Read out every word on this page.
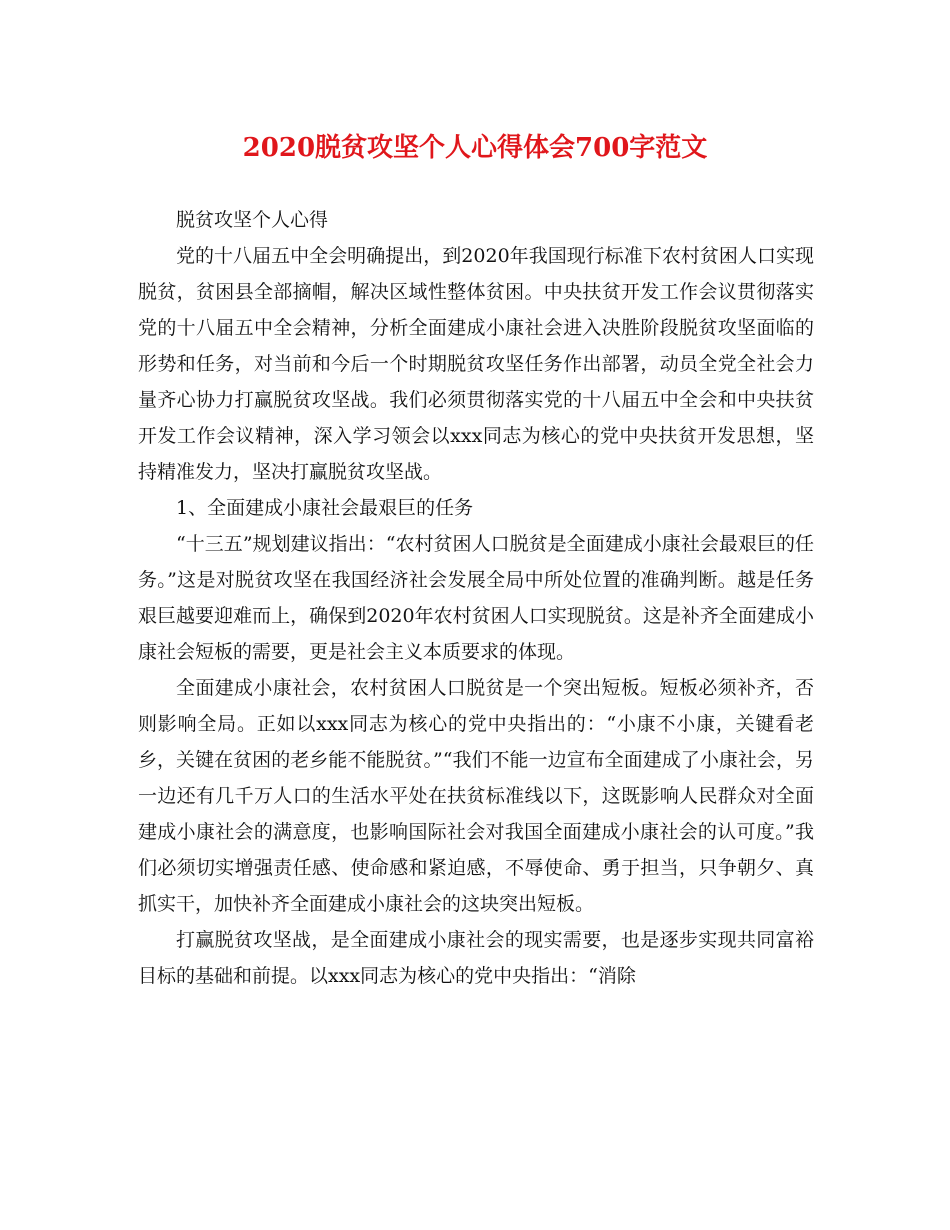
2020脱贫攻坚个人心得体会700字范文

脱贫攻坚个人心得

党的十八届五中全会明确提出，到2020年我国现行标准下农村贫困人口实现脱贫，贫困县全部摘帽，解决区域性整体贫困。中央扶贫开发工作会议贯彻落实党的十八届五中全会精神，分析全面建成小康社会进入决胜阶段脱贫攻坚面临的形势和任务，对当前和今后一个时期脱贫攻坚任务作出部署，动员全党全社会力量齐心协力打赢脱贫攻坚战。我们必须贯彻落实党的十八届五中全会和中央扶贫开发工作会议精神，深入学习领会以xxx同志为核心的党中央扶贫开发思想，坚持精准发力，坚决打赢脱贫攻坚战。

1、全面建成小康社会最艰巨的任务

“十三五”规划建议指出：“农村贫困人口脱贫是全面建成小康社会最艰巨的任务。”这是对脱贫攻坚在我国经济社会发展全局中所处位置的准确判断。越是任务艰巨越要迎难而上，确保到2020年农村贫困人口实现脱贫。这是补齐全面建成小康社会短板的需要，更是社会主义本质要求的体现。

全面建成小康社会，农村贫困人口脱贫是一个突出短板。短板必须补齐，否则影响全局。正如以xxx同志为核心的党中央指出的：“小康不小康，关键看老乡，关键在贫困的老乡能不能脱贫。”“我们不能一边宣布全面建成了小康社会，另一边还有几千万人口的生活水平处在扶贫标准线以下，这既影响人民群众对全面建成小康社会的满意度，也影响国际社会对我国全面建成小康社会的认可度。”我们必须切实增强责任感、使命感和紧迫感，不辱使命、勇于担当，只争朝夕、真抓实干，加快补齐全面建成小康社会的这块突出短板。

打赢脱贫攻坚战，是全面建成小康社会的现实需要，也是逐步实现共同富裕目标的基础和前提。以xxx同志为核心的党中央指出：“消除
